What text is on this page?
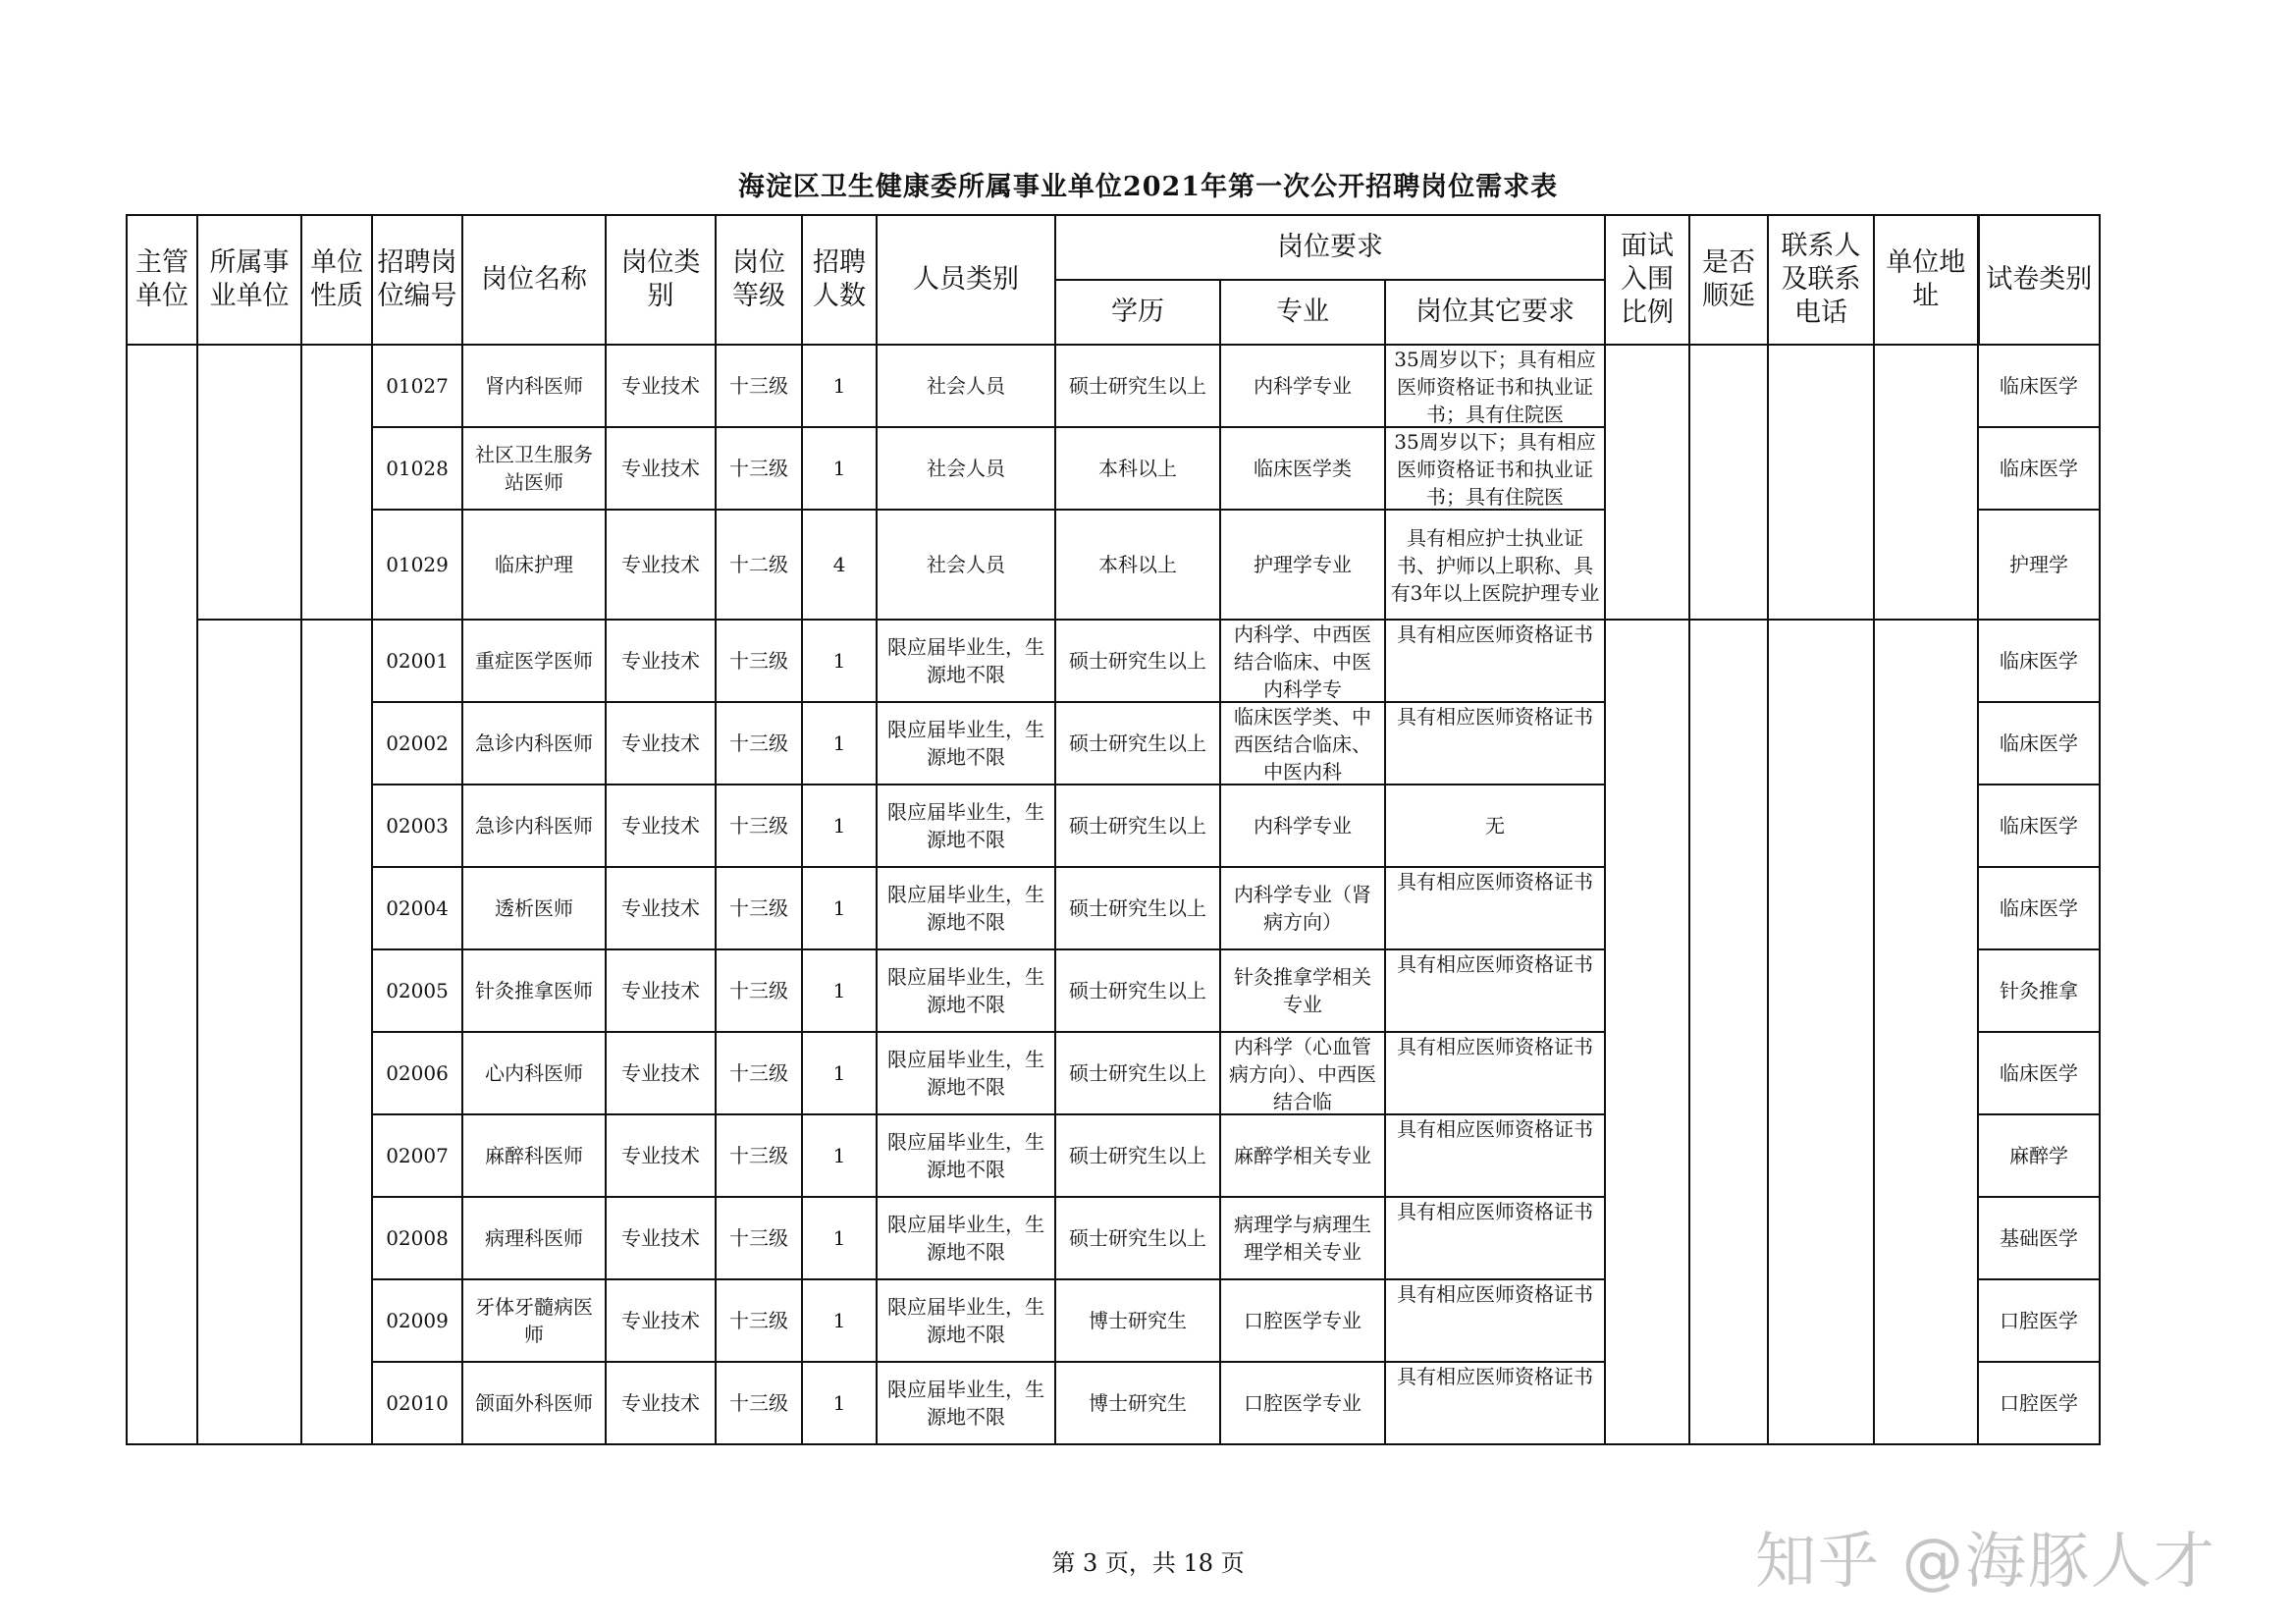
海淀区卫生健康委所属事业单位2021年第一次公开招聘岗位需求表
主管单位	所属事业单位	单位性质	招聘岗位编号	岗位名称	岗位类别	岗位等级	招聘人数	人员类别	岗位要求			面试入围比例	是否顺延	联系人及联系电话	单位地址	试卷类别
									学历	专业	岗位其它要求					

			01027	肾内科医师	专业技术	十三级	1	社会人员	硕士研究生以上	内科学专业	35周岁以下；具有相应医师资格证书和执业证书；具有住院医					临床医学

			01028	社区卫生服务站医师	专业技术	十三级	1	社会人员	本科以上	临床医学类	35周岁以下；具有相应医师资格证书和执业证书；具有住院医					临床医学

			01029	临床护理	专业技术	十二级	4	社会人员	本科以上	护理学专业	具有相应护士执业证书、护师以上职称、具有3年以上医院护理专业					护理学

			02001	重症医学医师	专业技术	十三级	1	限应届毕业生，生源地不限	硕士研究生以上	内科学、中西医结合临床、中医内科学专	具有相应医师资格证书					临床医学

			02002	急诊内科医师	专业技术	十三级	1	限应届毕业生，生源地不限	硕士研究生以上	临床医学类、中西医结合临床、中医内科	具有相应医师资格证书					临床医学

			02003	急诊内科医师	专业技术	十三级	1	限应届毕业生，生源地不限	硕士研究生以上	内科学专业	无					临床医学

			02004	透析医师	专业技术	十三级	1	限应届毕业生，生源地不限	硕士研究生以上	内科学专业（肾病方向）	具有相应医师资格证书					临床医学

			02005	针灸推拿医师	专业技术	十三级	1	限应届毕业生，生源地不限	硕士研究生以上	针灸推拿学相关专业	具有相应医师资格证书					针灸推拿

			02006	心内科医师	专业技术	十三级	1	限应届毕业生，生源地不限	硕士研究生以上	内科学（心血管病方向）、中西医结合临	具有相应医师资格证书					临床医学

			02007	麻醉科医师	专业技术	十三级	1	限应届毕业生，生源地不限	硕士研究生以上	麻醉学相关专业	具有相应医师资格证书					麻醉学

			02008	病理科医师	专业技术	十三级	1	限应届毕业生，生源地不限	硕士研究生以上	病理学与病理生理学相关专业	具有相应医师资格证书					基础医学

			02009	牙体牙髓病医师	专业技术	十三级	1	限应届毕业生，生源地不限	博士研究生	口腔医学专业	具有相应医师资格证书					口腔医学

			02010	颌面外科医师	专业技术	十三级	1	限应届毕业生，生源地不限	博士研究生	口腔医学专业	具有相应医师资格证书					口腔医学
第 3 页，共 18 页	知乎 @海豚人才
